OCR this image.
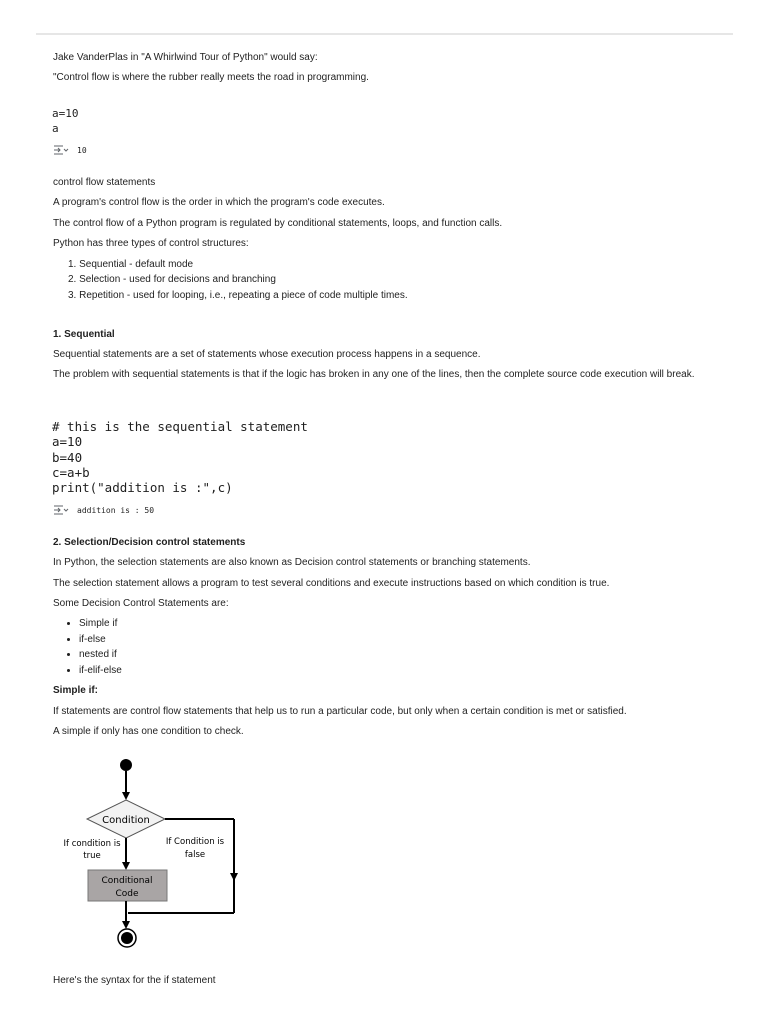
Jake VanderPlas in "A Whirlwind Tour of Python" would say:
"Control flow is where the rubber really meets the road in programming.
a=10
a
10
control flow statements
A program's control flow is the order in which the program's code executes.
The control flow of a Python program is regulated by conditional statements, loops, and function calls.
Python has three types of control structures:
1. Sequential - default mode
2. Selection - used for decisions and branching
3. Repetition - used for looping, i.e., repeating a piece of code multiple times.
1. Sequential
Sequential statements are a set of statements whose execution process happens in a sequence.
The problem with sequential statements is that if the logic has broken in any one of the lines, then the complete source code execution will break.
# this is the sequential statement
a=10
b=40
c=a+b
print("addition is :",c)
addition is : 50
2. Selection/Decision control statements
In Python, the selection statements are also known as Decision control statements or branching statements.
The selection statement allows a program to test several conditions and execute instructions based on which condition is true.
Some Decision Control Statements are:
Simple if
if-else
nested if
if-elif-else
Simple if:
If statements are control flow statements that help us to run a particular code, but only when a certain condition is met or satisfied.
A simple if only has one condition to check.
Condition
If condition is
true
If Condition is
false
Conditional
Code
Here's the syntax for the if statement
